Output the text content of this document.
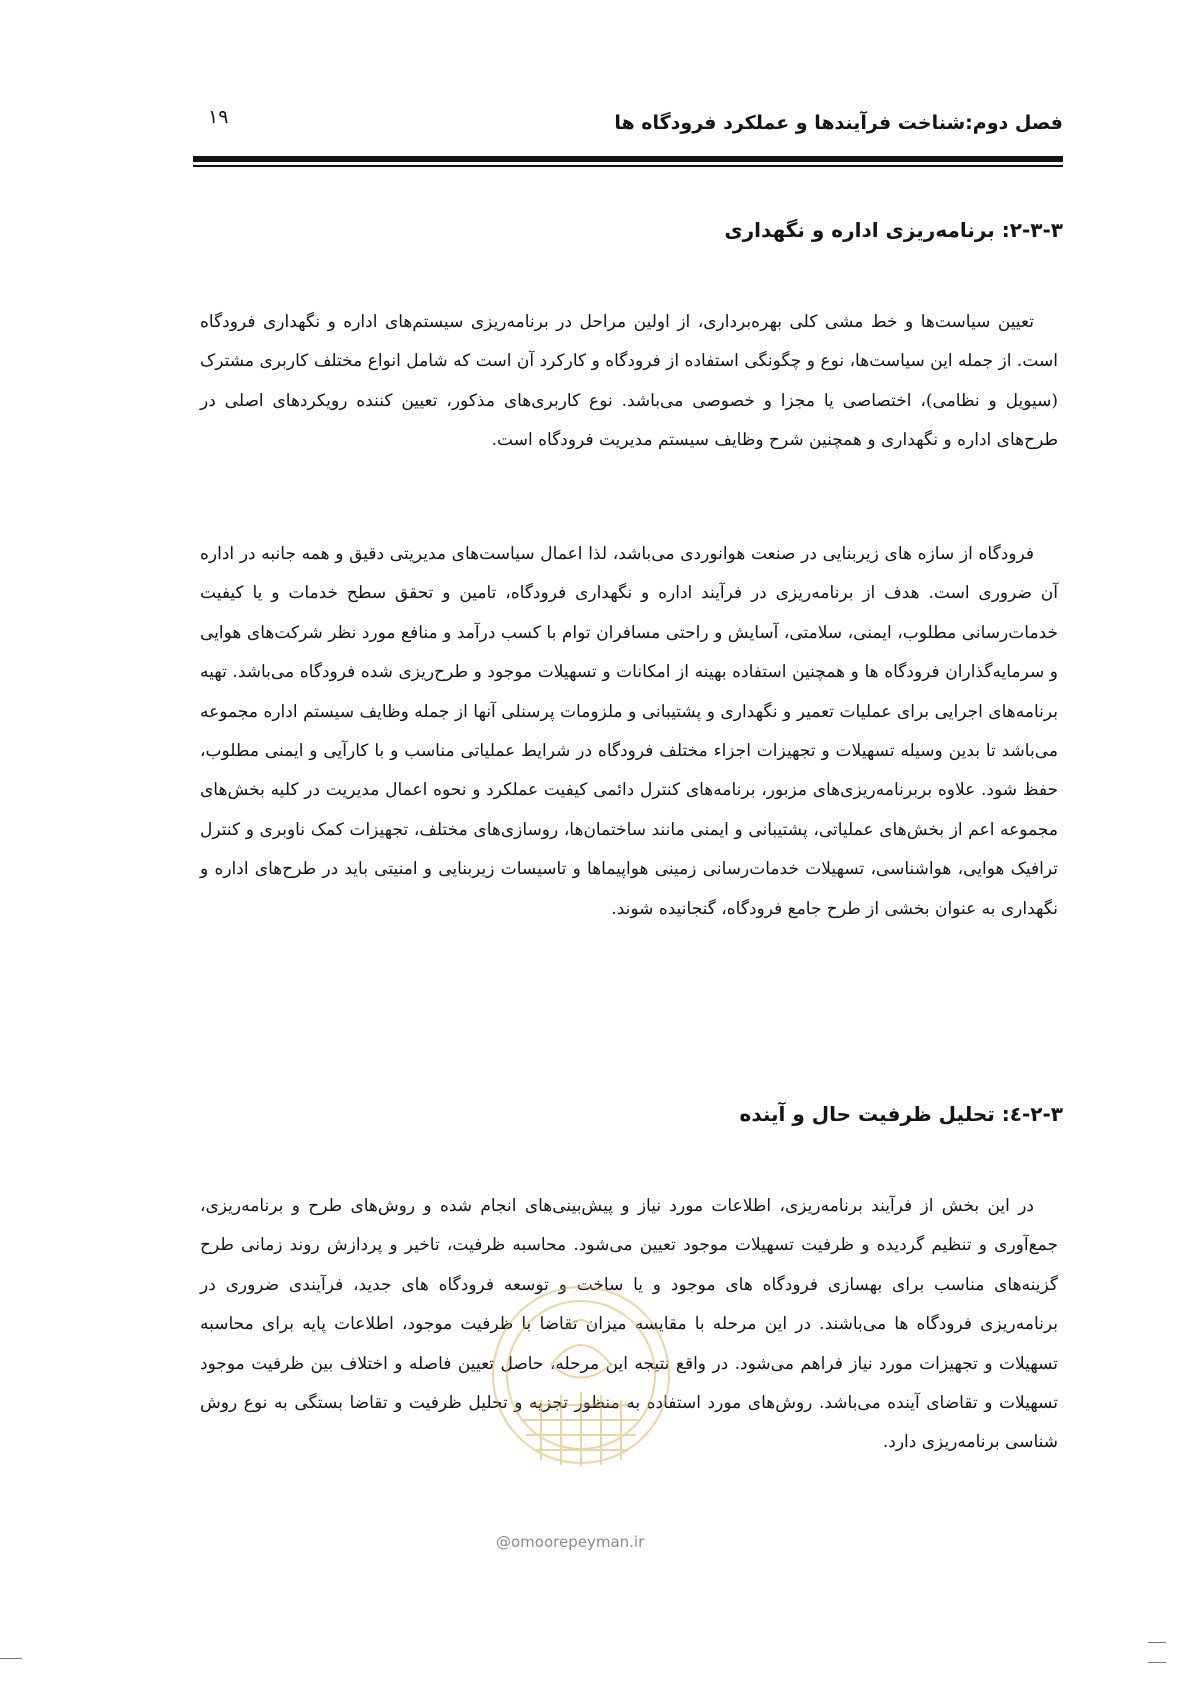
فصل دوم:شناخت فرآیندها و عملکرد فرودگاه ها
۱۹
۲-۳-۳: برنامه‌ریزی اداره و نگهداری

تعیین سیاست‌ها و خط مشی کلی بهره‌برداری، از اولین مراحل در برنامه‌ریزی سیستم‌های اداره و نگهداری فرودگاه است. از جمله این سیاست‌ها، نوع و چگونگی استفاده از فرودگاه و کارکرد آن است که شامل انواع مختلف کاربری مشترک (سیویل و نظامی)، اختصاصی یا مجزا و خصوصی می‌باشد. نوع کاربری‌های مذکور، تعیین کننده رویکردهای اصلی در طرح‌های اداره و نگهداری و همچنین شرح وظایف سیستم مدیریت فرودگاه است.

فرودگاه از سازه های زیربنایی در صنعت هوانوردی می‌باشد، لذا اعمال سیاست‌های مدیریتی دقیق و همه جانبه در اداره آن ضروری است. هدف از برنامه‌ریزی در فرآیند اداره و نگهداری فرودگاه، تامین و تحقق سطح خدمات و یا کیفیت خدمات‌رسانی مطلوب، ایمنی، سلامتی، آسایش و راحتی مسافران توام با کسب درآمد و منافع مورد نظر شرکت‌های هوایی و سرمایه‌گذاران فرودگاه ها و همچنین استفاده بهینه از امکانات و تسهیلات موجود و طرح‌ریزی شده فرودگاه می‌باشد. تهیه برنامه‌های اجرایی برای عملیات تعمیر و نگهداری و پشتیبانی و ملزومات پرسنلی آنها از جمله وظایف سیستم اداره مجموعه می‌باشد تا بدین وسیله تسهیلات و تجهیزات اجزاء مختلف فرودگاه در شرایط عملیاتی مناسب و با کارآیی و ایمنی مطلوب، حفظ شود. علاوه بربرنامه‌ریزی‌های مزبور، برنامه‌های کنترل دائمی کیفیت عملکرد و نحوه اعمال مدیریت در کلیه بخش‌های مجموعه اعم از بخش‌های عملیاتی، پشتیبانی و ایمنی مانند ساختمان‌ها، روسازی‌های مختلف، تجهیزات کمک ناوبری و کنترل ترافیک هوایی، هواشناسی، تسهیلات خدمات‌رسانی زمینی هواپیماها و تاسیسات زیربنایی و امنیتی باید در طرح‌های اداره و نگهداری به عنوان بخشی از طرح جامع فرودگاه، گنجانیده شوند.

۲-۳-٤: تحلیل ظرفیت حال و آینده

در این بخش از فرآیند برنامه‌ریزی، اطلاعات مورد نیاز و پیش‌بینی‌های انجام شده و روش‌های طرح و برنامه‌ریزی، جمع‌آوری و تنظیم گردیده و ظرفیت تسهیلات موجود تعیین می‌شود. محاسبه ظرفیت، تاخیر و پردازش روند زمانی طرح گزینه‌های مناسب برای بهسازی فرودگاه های موجود و یا ساخت و توسعه فرودگاه های جدید، فرآیندی ضروری در برنامه‌ریزی فرودگاه ها می‌باشند. در این مرحله با مقایسه میزان تقاضا با ظرفیت موجود، اطلاعات پایه برای محاسبه تسهیلات و تجهیزات مورد نیاز فراهم می‌شود. در واقع نتیجه این مرحله، حاصل تعیین فاصله و اختلاف بین ظرفیت موجود تسهیلات و تقاضای آینده می‌باشد. روش‌های مورد استفاده به منظور تجزیه و تحلیل ظرفیت و تقاضا بستگی به نوع روش شناسی برنامه‌ریزی دارد.

@omoorepeyman.ir
